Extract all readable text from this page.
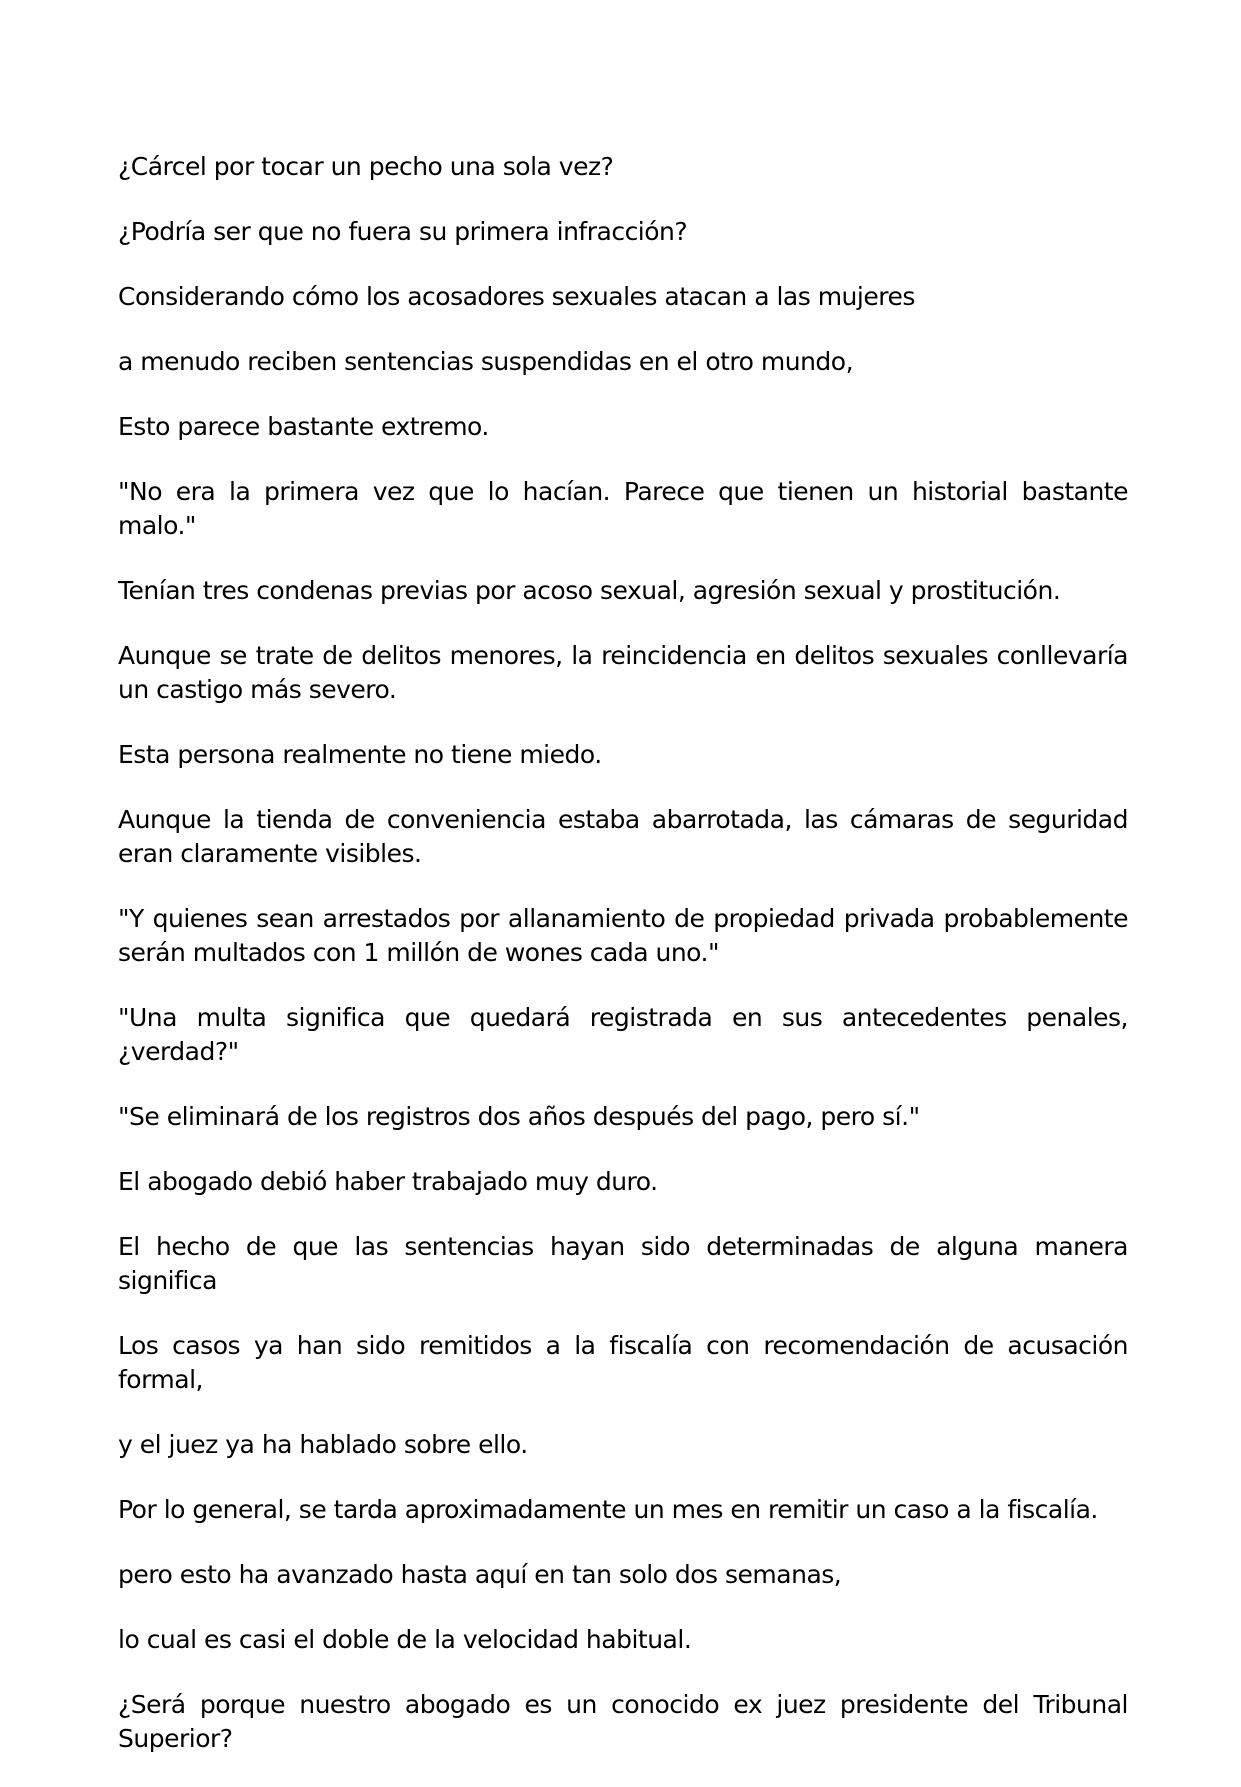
¿Cárcel por tocar un pecho una sola vez?

¿Podría ser que no fuera su primera infracción?

Considerando cómo los acosadores sexuales atacan a las mujeres

a menudo reciben sentencias suspendidas en el otro mundo,

Esto parece bastante extremo.

"No era la primera vez que lo hacían. Parece que tienen un historial bastante malo."

Tenían tres condenas previas por acoso sexual, agresión sexual y prostitución.

Aunque se trate de delitos menores, la reincidencia en delitos sexuales conllevaría un castigo más severo.

Esta persona realmente no tiene miedo.

Aunque la tienda de conveniencia estaba abarrotada, las cámaras de seguridad eran claramente visibles.

"Y quienes sean arrestados por allanamiento de propiedad privada probablemente serán multados con 1 millón de wones cada uno."

"Una multa significa que quedará registrada en sus antecedentes penales, ¿verdad?"

"Se eliminará de los registros dos años después del pago, pero sí."

El abogado debió haber trabajado muy duro.

El hecho de que las sentencias hayan sido determinadas de alguna manera significa

Los casos ya han sido remitidos a la fiscalía con recomendación de acusación formal,

y el juez ya ha hablado sobre ello.

Por lo general, se tarda aproximadamente un mes en remitir un caso a la fiscalía.

pero esto ha avanzado hasta aquí en tan solo dos semanas,

lo cual es casi el doble de la velocidad habitual.

¿Será porque nuestro abogado es un conocido ex juez presidente del Tribunal Superior?
